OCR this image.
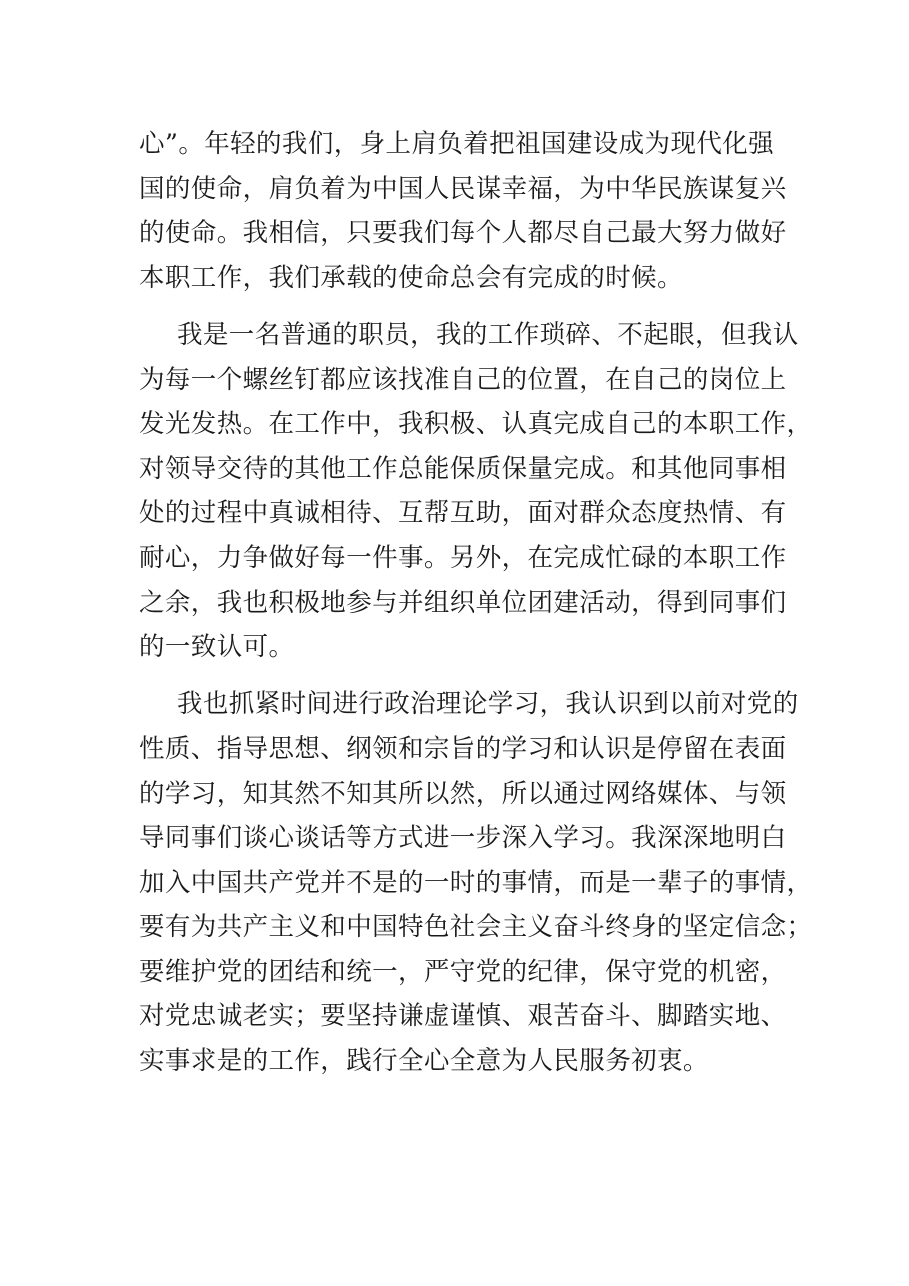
心”。年轻的我们，身上肩负着把祖国建设成为现代化强
国的使命，肩负着为中国人民谋幸福，为中华民族谋复兴
的使命。我相信，只要我们每个人都尽自己最大努力做好
本职工作，我们承载的使命总会有完成的时候。
我是一名普通的职员，我的工作琐碎、不起眼，但我认
为每一个螺丝钉都应该找准自己的位置，在自己的岗位上
发光发热。在工作中，我积极、认真完成自己的本职工作，
对领导交待的其他工作总能保质保量完成。和其他同事相
处的过程中真诚相待、互帮互助，面对群众态度热情、有
耐心，力争做好每一件事。另外，在完成忙碌的本职工作
之余，我也积极地参与并组织单位团建活动，得到同事们
的一致认可。
我也抓紧时间进行政治理论学习，我认识到以前对党的
性质、指导思想、纲领和宗旨的学习和认识是停留在表面
的学习，知其然不知其所以然，所以通过网络媒体、与领
导同事们谈心谈话等方式进一步深入学习。我深深地明白
加入中国共产党并不是的一时的事情，而是一辈子的事情，
要有为共产主义和中国特色社会主义奋斗终身的坚定信念；
要维护党的团结和统一，严守党的纪律，保守党的机密，
对党忠诚老实；要坚持谦虚谨慎、艰苦奋斗、脚踏实地、
实事求是的工作，践行全心全意为人民服务初衷。
